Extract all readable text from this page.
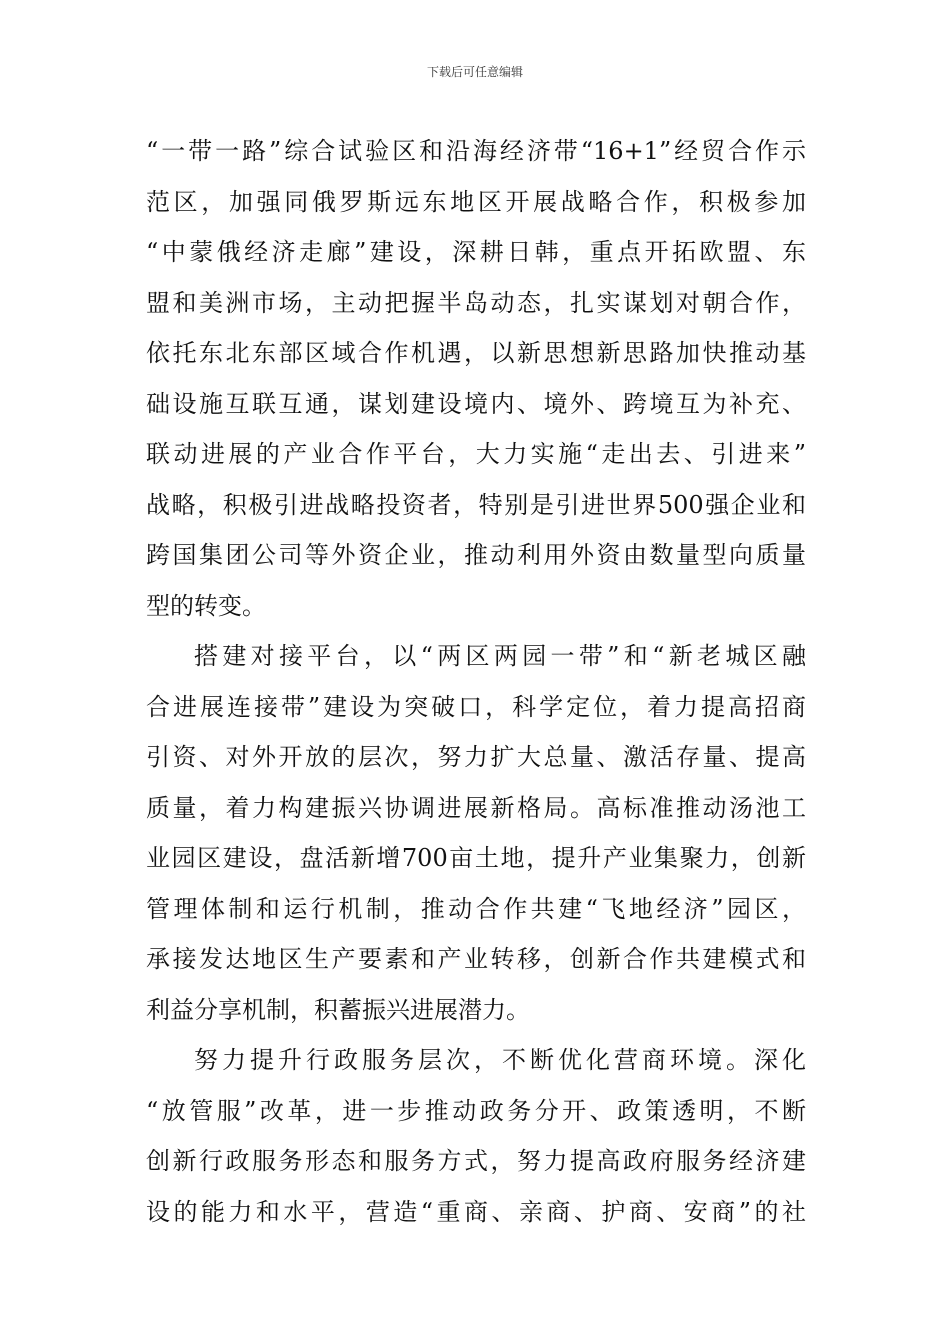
下载后可任意编辑
“一带一路”综合试验区和沿海经济带“16+1”经贸合作示
范区，加强同俄罗斯远东地区开展战略合作，积极参加
“中蒙俄经济走廊”建设，深耕日韩，重点开拓欧盟、东
盟和美洲市场，主动把握半岛动态，扎实谋划对朝合作，
依托东北东部区域合作机遇，以新思想新思路加快推动基
础设施互联互通，谋划建设境内、境外、跨境互为补充、
联动进展的产业合作平台，大力实施“走出去、引进来”
战略，积极引进战略投资者，特别是引进世界500强企业和
跨国集团公司等外资企业，推动利用外资由数量型向质量
型的转变。
搭建对接平台，以“两区两园一带”和“新老城区融
合进展连接带”建设为突破口，科学定位，着力提高招商
引资、对外开放的层次，努力扩大总量、激活存量、提高
质量，着力构建振兴协调进展新格局。高标准推动汤池工
业园区建设，盘活新增700亩土地，提升产业集聚力，创新
管理体制和运行机制，推动合作共建“飞地经济”园区，
承接发达地区生产要素和产业转移，创新合作共建模式和
利益分享机制，积蓄振兴进展潜力。
努力提升行政服务层次，不断优化营商环境。深化
“放管服”改革，进一步推动政务分开、政策透明，不断
创新行政服务形态和服务方式，努力提高政府服务经济建
设的能力和水平，营造“重商、亲商、护商、安商”的社
